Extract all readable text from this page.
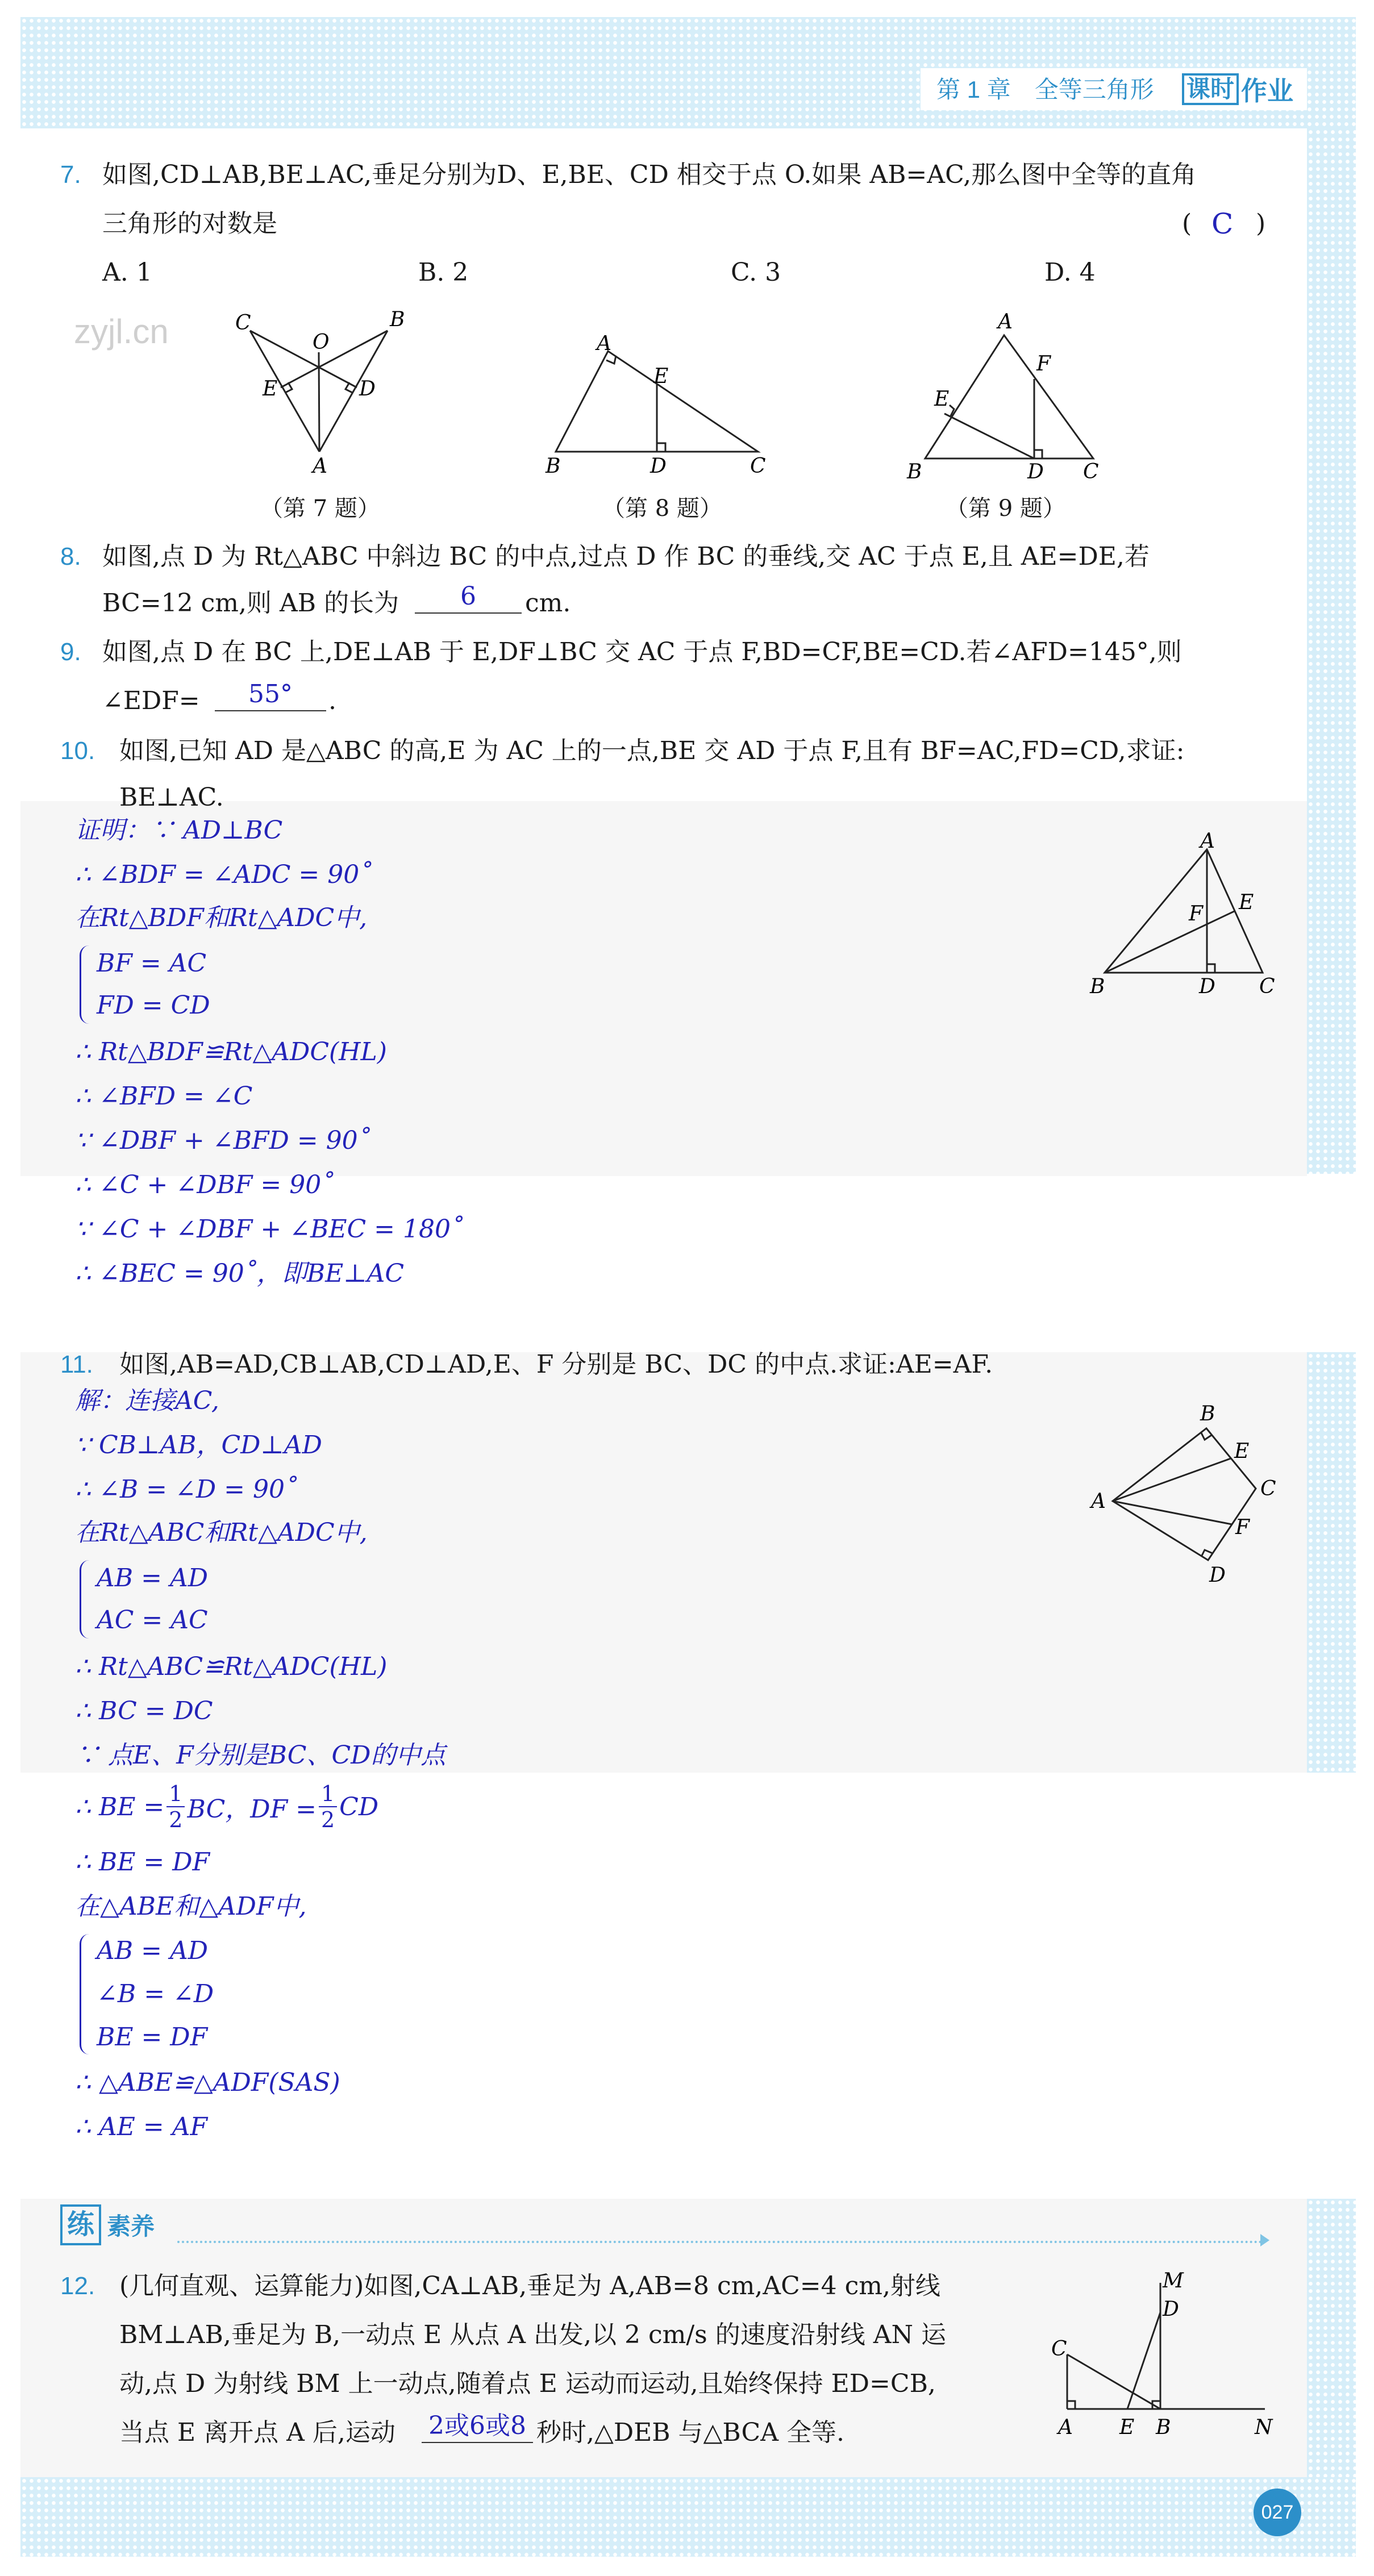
第 1 章　全等三角形 课时 作业
zyjl.cn
7. 如图,CD⊥AB,BE⊥AC,垂足分别为D、E,BE、CD 相交于点 O.如果 AB=AC,那么图中全等的直角
三角形的对数是	( C )
A. 1	B. 2	C. 3	D. 4
C	B
O
E	D
A
A
E
B	D	C
A
F
E
B	D C
（第 7 题）	（第 8 题）	（第 9 题）
8. 如图,点 D 为 Rt△ABC 中斜边 BC 的中点,过点 D 作 BC 的垂线,交 AC 于点 E,且 AE=DE,若
BC=12 cm,则 AB 的长为	6	cm.
9. 如图,点 D 在 BC 上,DE⊥AB 于 E,DF⊥BC 交 AC 于点 F,BD=CF,BE=CD.若∠AFD=145°,则
∠EDF=	55°	.
10. 如图,已知 AD 是△ABC 的高,E 为 AC 上的一点,BE 交 AD 于点 F,且有 BF=AC,FD=CD,求证:
BE⊥AC.
证明：∵ AD⊥BC
∴ ∠BDF = ∠ADC = 90˚
在Rt△BDF和Rt△ADC中,
BF = AC
FD = CD
∴ Rt△BDF≌Rt△ADC(HL)
∴ ∠BFD = ∠C
∵ ∠DBF + ∠BFD = 90˚
∴ ∠C + ∠DBF = 90˚
∵ ∠C + ∠DBF + ∠BEC = 180˚
∴ ∠BEC = 90˚，即BE⊥AC
A
E
F
B	D C
11. 如图,AB=AD,CB⊥AB,CD⊥AD,E、F 分别是 BC、DC 的中点.求证:AE=AF.
解：连接AC,
∵ CB⊥AB，CD⊥AD
∴ ∠B = ∠D = 90˚
在Rt△ABC和Rt△ADC中,
AB = AD
AC = AC
∴ Rt△ABC≌Rt△ADC(HL)
∴ BC = DC
∵ 点E、F分别是BC、CD的中点
∴ BE = $\frac{1}{2}$ BC，DF = $\frac{1}{2}$ CD
∴ BE = DF
在△ABE和△ADF中,
AB = AD
∠B = ∠D
BE = DF
∴ △ABE≌△ADF(SAS)
∴ AE = AF
B
E
A
C
F
D
练 素养
12. (几何直观、运算能力)如图,CA⊥AB,垂足为 A,AB=8 cm,AC=4 cm,射线
BM⊥AB,垂足为 B,一动点 E 从点 A 出发,以 2 cm/s 的速度沿射线 AN 运
动,点 D 为射线 BM 上一动点,随着点 E 运动而运动,且始终保持 ED=CB,
当点 E 离开点 A 后,运动 2或6或8 秒时,△DEB 与△BCA 全等.
M
D
C
A E B	N
027
